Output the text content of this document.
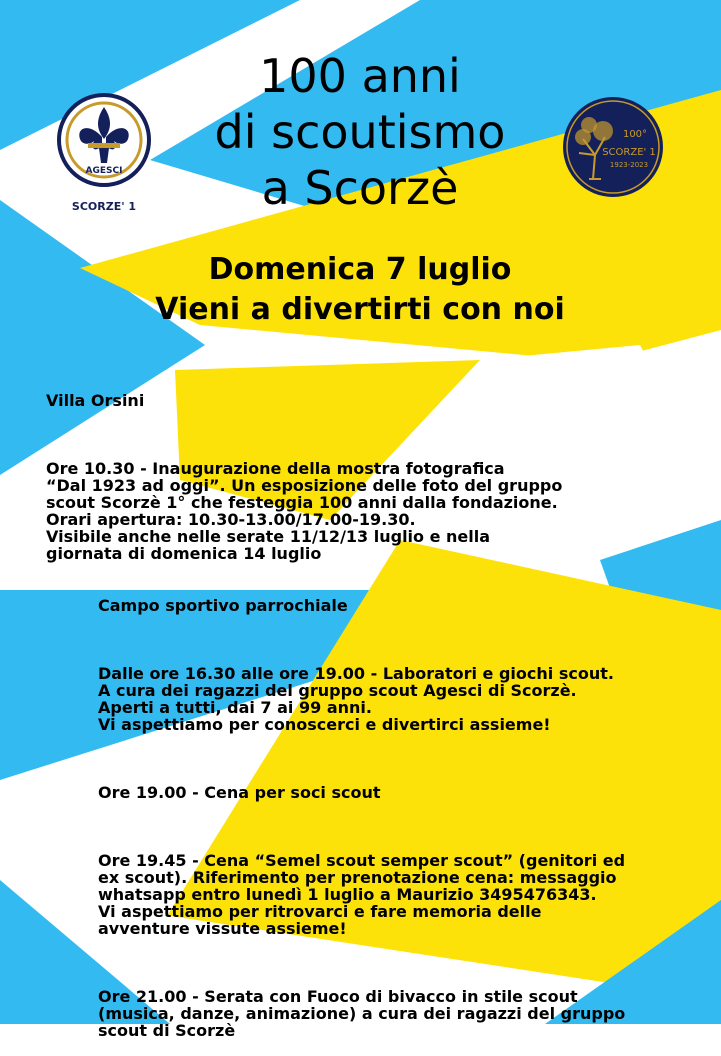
AGESCI
SCORZE' 1
100°
SCORZE' 1
1923-2023
100 anni
di scoutismo
a Scorzè
Domenica 7 luglio
Vieni a divertirti con noi

Villa Orsini

Ore 10.30 - Inaugurazione della mostra fotografica
“Dal 1923 ad oggi”. Un esposizione delle foto del gruppo
scout Scorzè 1° che festeggia 100 anni dalla fondazione.
Orari apertura: 10.30-13.00/17.00-19.30.
Visibile anche nelle serate 11/12/13 luglio e nella
giornata di domenica 14 luglio

Campo sportivo parrochiale

Dalle ore 16.30 alle ore 19.00 - Laboratori e giochi scout.
A cura dei ragazzi del gruppo scout Agesci di Scorzè.
Aperti a tutti, dai 7 ai 99 anni.
Vi aspettiamo per conoscerci e divertirci assieme!

Ore 19.00 - Cena per soci scout

Ore 19.45 - Cena “Semel scout semper scout” (genitori ed
ex scout). Riferimento per prenotazione cena: messaggio
whatsapp entro lunedì 1 luglio a Maurizio 3495476343.
Vi aspettiamo per ritrovarci e fare memoria delle
avventure vissute assieme!

Ore 21.00 - Serata con Fuoco di bivacco in stile scout
(musica, danze, animazione) a cura dei ragazzi del gruppo
scout di Scorzè
